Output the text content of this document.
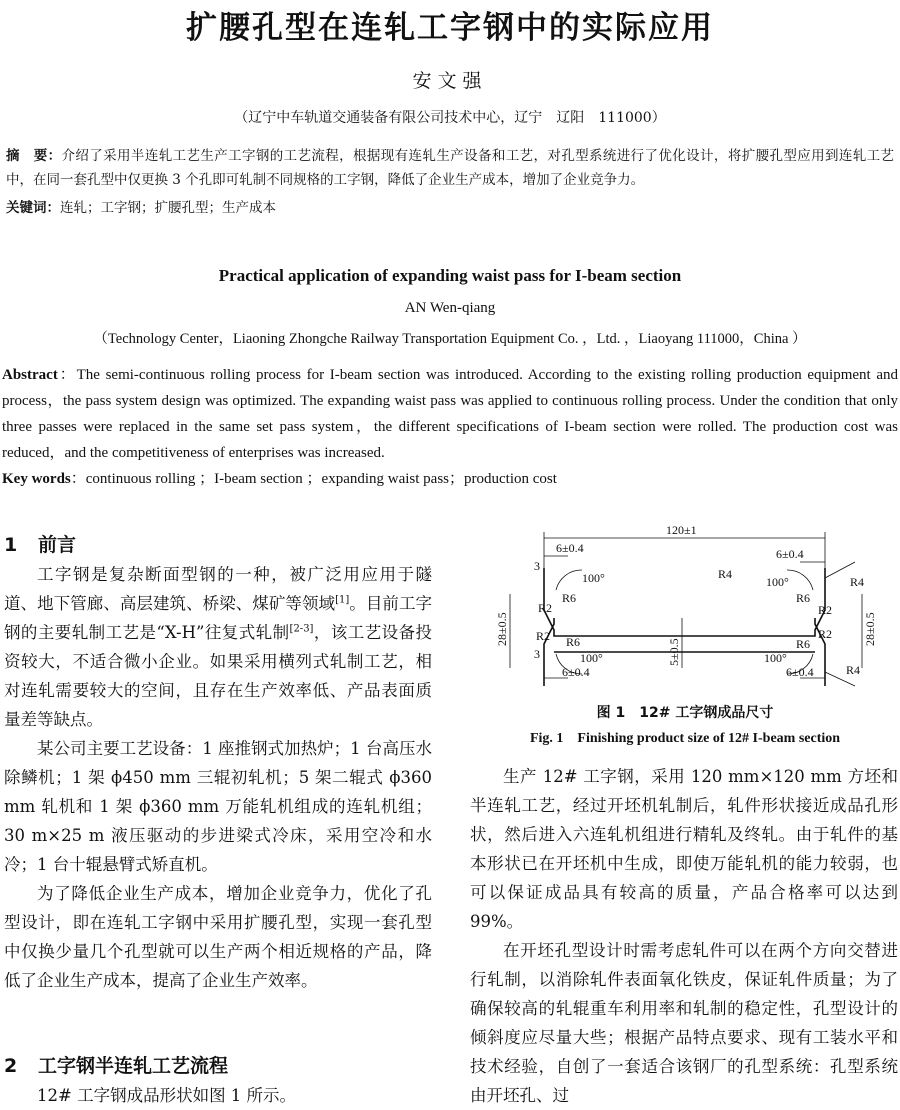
扩腰孔型在连轧工字钢中的实际应用
安文强
（辽宁中车轨道交通装备有限公司技术中心，辽宁　辽阳　111000）
摘　要：介绍了采用半连轧工艺生产工字钢的工艺流程，根据现有连轧生产设备和工艺，对孔型系统进行了优化设计，将扩腰孔型应用到连轧工艺中，在同一套孔型中仅更换 3 个孔即可轧制不同规格的工字钢，降低了企业生产成本，增加了企业竞争力。
关键词：连轧；工字钢；扩腰孔型；生产成本
Practical application of expanding waist pass for I-beam section
AN Wen-qiang
（Technology Center，Liaoning Zhongche Railway Transportation Equipment Co. ，Ltd. ，Liaoyang 111000，China ）
Abstract：The semi-continuous rolling process for I-beam section was introduced. According to the existing rolling production equipment and process，the pass system design was optimized. The expanding waist pass was applied to continuous rolling process. Under the condition that only three passes were replaced in the same set pass system，the different specifications of I-beam section were rolled. The production cost was reduced，and the competitiveness of enterprises was increased.
Key words：continuous rolling ；I-beam section ；expanding waist pass；production cost
1 前言

工字钢是复杂断面型钢的一种，被广泛用应用于隧道、地下管廊、高层建筑、桥梁、煤矿等领域[1]。目前工字钢的主要轧制工艺是“X-H”往复式轧制[2-3]，该工艺设备投资较大，不适合微小企业。如果采用横列式轧制工艺，相对连轧需要较大的空间，且存在生产效率低、产品表面质量差等缺点。

某公司主要工艺设备：1 座推钢式加热炉；1 台高压水除鳞机；1 架 ϕ450 mm 三辊初轧机；5 架二辊式 ϕ360 mm 轧机和 1 架 ϕ360 mm 万能轧机组成的连轧机组；30 m×25 m 液压驱动的步进梁式冷床，采用空冷和水冷；1 台十辊悬臂式矫直机。

为了降低企业生产成本，增加企业竞争力，优化了孔型设计，即在连轧工字钢中采用扩腰孔型，实现一套孔型中仅换少量几个孔型就可以生产两个相近规格的产品，降低了企业生产成本，提高了企业生产效率。

2 工字钢半连轧工艺流程

12# 工字钢成品形状如图 1 所示。

120±1
6±0.4	6±0.4
6±0.4	6±0.4
28±0.5	28±0.5
5±0.5
R4
R4
R4
R6
R6
R6
R6
R2
R2
R2
R2
100°
100°
100°
100°
3
3
图 1　12# 工字钢成品尺寸
Fig. 1　Finishing product size of 12# I-beam section

生产 12# 工字钢，采用 120 mm×120 mm 方坯和半连轧工艺，经过开坯机轧制后，轧件形状接近成品孔形状，然后进入六连轧机组进行精轧及终轧。由于轧件的基本形状已在开坯机中生成，即使万能轧机的能力较弱，也可以保证成品具有较高的质量，产品合格率可以达到 99%。

在开坯孔型设计时需考虑轧件可以在两个方向交替进行轧制，以消除轧件表面氧化铁皮，保证轧件质量；为了确保较高的轧辊重车利用率和轧制的稳定性，孔型设计的倾斜度应尽量大些；根据产品特点要求、现有工装水平和技术经验，自创了一套适合该钢厂的孔型系统：孔型系统由开坯孔、过
